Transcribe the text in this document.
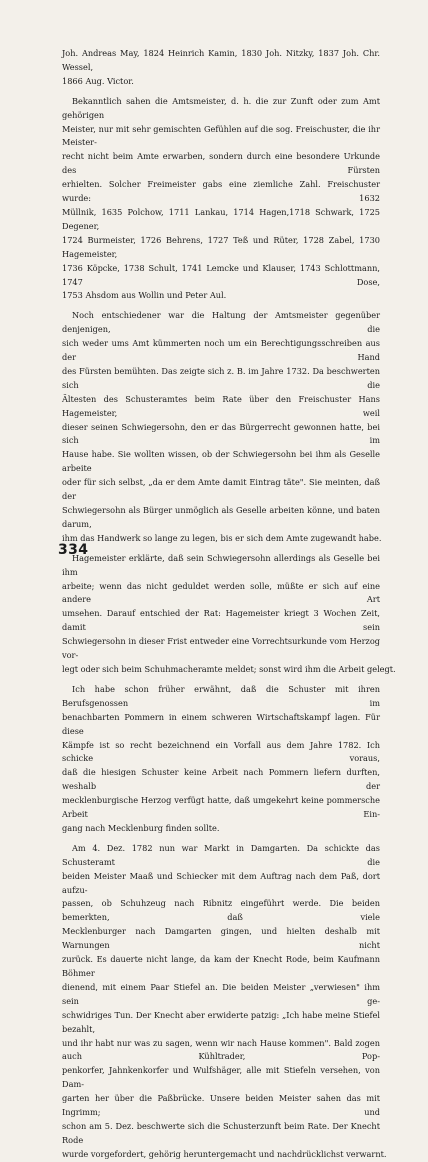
Joh. Andreas May, 1824 Heinrich Kamin, 1830 Joh. Nitzky, 1837 Joh. Chr. Wessel,
1866 Aug. Victor.
Bekanntlich sahen die Amtsmeister, d. h. die zur Zunft oder zum Amt gehörigen
Meister, nur mit sehr gemischten Gefühlen auf die sog. Freischuster, die ihr Meister-
recht nicht beim Amte erwarben, sondern durch eine besondere Urkunde des Fürsten
erhielten. Solcher Freimeister gabs eine ziemliche Zahl. Freischuster wurde: 1632
Müllnik, 1635 Polchow, 1711 Lankau, 1714 Hagen,1718 Schwark, 1725 Degener,
1724 Burmeister, 1726 Behrens, 1727 Teß und Rüter, 1728 Zabel, 1730 Hagemeister,
1736 Köpcke, 1738 Schult, 1741 Lemcke und Klauser, 1743 Schlottmann, 1747 Dose,
1753 Ahsdom aus Wollin und Peter Aul.
Noch entschiedener war die Haltung der Amtsmeister gegenüber denjenigen, die
sich weder ums Amt kümmerten noch um ein Berechtigungsschreiben aus der Hand
des Fürsten bemühten. Das zeigte sich z. B. im Jahre 1732. Da beschwerten sich die
Ältesten des Schusteramtes beim Rate über den Freischuster Hans Hagemeister, weil
dieser seinen Schwiegersohn, den er das Bürgerrecht gewonnen hatte, bei sich im
Hause habe. Sie wollten wissen, ob der Schwiegersohn bei ihm als Geselle arbeite
oder für sich selbst, „da er dem Amte damit Eintrag täte". Sie meinten, daß der
Schwiegersohn als Bürger unmöglich als Geselle arbeiten könne, und baten darum,
ihm das Handwerk so lange zu legen, bis er sich dem Amte zugewandt habe.
Hagemeister erklärte, daß sein Schwiegersohn allerdings als Geselle bei ihm
arbeite; wenn das nicht geduldet werden solle, müßte er sich auf eine andere Art
umsehen. Darauf entschied der Rat: Hagemeister kriegt 3 Wochen Zeit, damit sein
Schwiegersohn in dieser Frist entweder eine Vorrechtsurkunde vom Herzog vor-
legt oder sich beim Schuhmacheramte meldet; sonst wird ihm die Arbeit gelegt.
Ich habe schon früher erwähnt, daß die Schuster mit ihren Berufsgenossen im
benachbarten Pommern in einem schweren Wirtschaftskampf lagen. Für diese
Kämpfe ist so recht bezeichnend ein Vorfall aus dem Jahre 1782. Ich schicke voraus,
daß die hiesigen Schuster keine Arbeit nach Pommern liefern durften, weshalb der
mecklenburgische Herzog verfügt hatte, daß umgekehrt keine pommersche Arbeit Ein-
gang nach Mecklenburg finden sollte.
Am 4. Dez. 1782 nun war Markt in Damgarten. Da schickte das Schusteramt die
beiden Meister Maaß und Schiecker mit dem Auftrag nach dem Paß, dort aufzu-
passen, ob Schuhzeug nach Ribnitz eingeführt werde. Die beiden bemerkten, daß viele
Mecklenburger nach Damgarten gingen, und hielten deshalb mit Warnungen nicht
zurück. Es dauerte nicht lange, da kam der Knecht Rode, beim Kaufmann Böhmer
dienend, mit einem Paar Stiefel an. Die beiden Meister „verwiesen" ihm sein ge-
schwidriges Tun. Der Knecht aber erwiderte patzig: „Ich habe meine Stiefel bezahlt,
und ihr habt nur was zu sagen, wenn wir nach Hause kommen". Bald zogen auch Kühltrader, Pop-
penkorfer, Jahnkenkorfer und Wulfshäger, alle mit Stiefeln versehen, von Dam-
garten her über die Paßbrücke. Unsere beiden Meister sahen das mit Ingrimm; und
schon am 5. Dez. beschwerte sich die Schusterzunft beim Rate. Der Knecht Rode
wurde vorgefordert, gehörig heruntergemacht und nachdrücklichst verwarnt.
334
